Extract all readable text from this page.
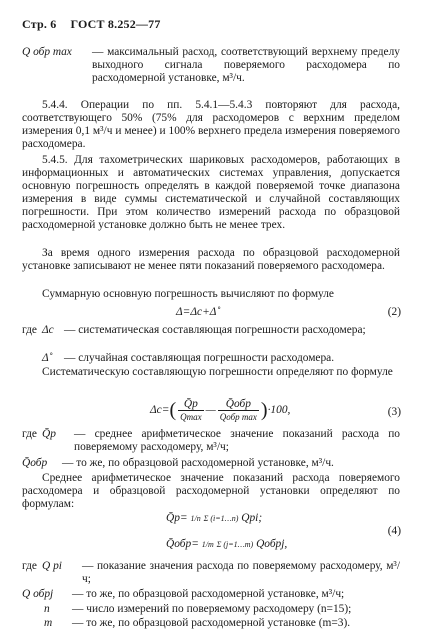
Стр. 6 ГОСТ 8.252—77
Q обр max	— максимальный расход, соответствующий верхнему пределу выходного сигнала поверяемого расходомера по расходомерной установке, м³/ч.

5.4.4. Операции по пп. 5.4.1—5.4.3 повторяют для расхода, соответствующего 50% (75% для расходомеров с верхним пределом измерения 0,1 м³/ч и менее) и 100% верхнего предела измерения поверяемого расходомера.

5.4.5. Для тахометрических шариковых расходомеров, работающих в информационных и автоматических системах управления, допускается основную погрешность определять в каждой поверяемой точке диапазона измерения в виде суммы систематической и случайной составляющих погрешности. При этом количество измерений расхода по образцовой расходомерной установке должно быть не менее трех.

За время одного измерения расхода по образцовой расходомерной установке записывают не менее пяти показаний поверяемого расходомера.

Суммарную основную погрешность вычисляют по формуле

Δ=Δc+Δ̊	(2)
где Δc — систематическая составляющая погрешности расходомера;
Δ̊	— случайная составляющая погрешности расходомера.

Систематическую составляющую погрешности определяют по формуле

$\Delta c=( \frac{Q̄p}{Qmax}$ — $\frac{\text{Q̄обр}}{\text{Qобр max}} )\cdot 100$,	(3)
где Q̄p	— среднее арифметическое значение показаний расхода по поверяемому расходомеру, м³/ч;
Q̄обр	— то же, по образцовой расходомерной установке, м³/ч.

Среднее арифметическое значение показаний расхода поверяемого расходомера и образцовой расходомерной установки определяют по формулам:

Q̄p= 1/n Σ (i=1…n) Qpi;
Q̄обр= 1/m Σ (j=1…m) Qобрj,
(4)
где Q pi	— показание значения расхода по поверяемому расходомеру, м³/ч;
Q обрj	— то же, по образцовой расходомерной установке, м³/ч;
n	— число измерений по поверяемому расходомеру (n=15);
m	— то же, по образцовой расходомерной установке (m=3).
